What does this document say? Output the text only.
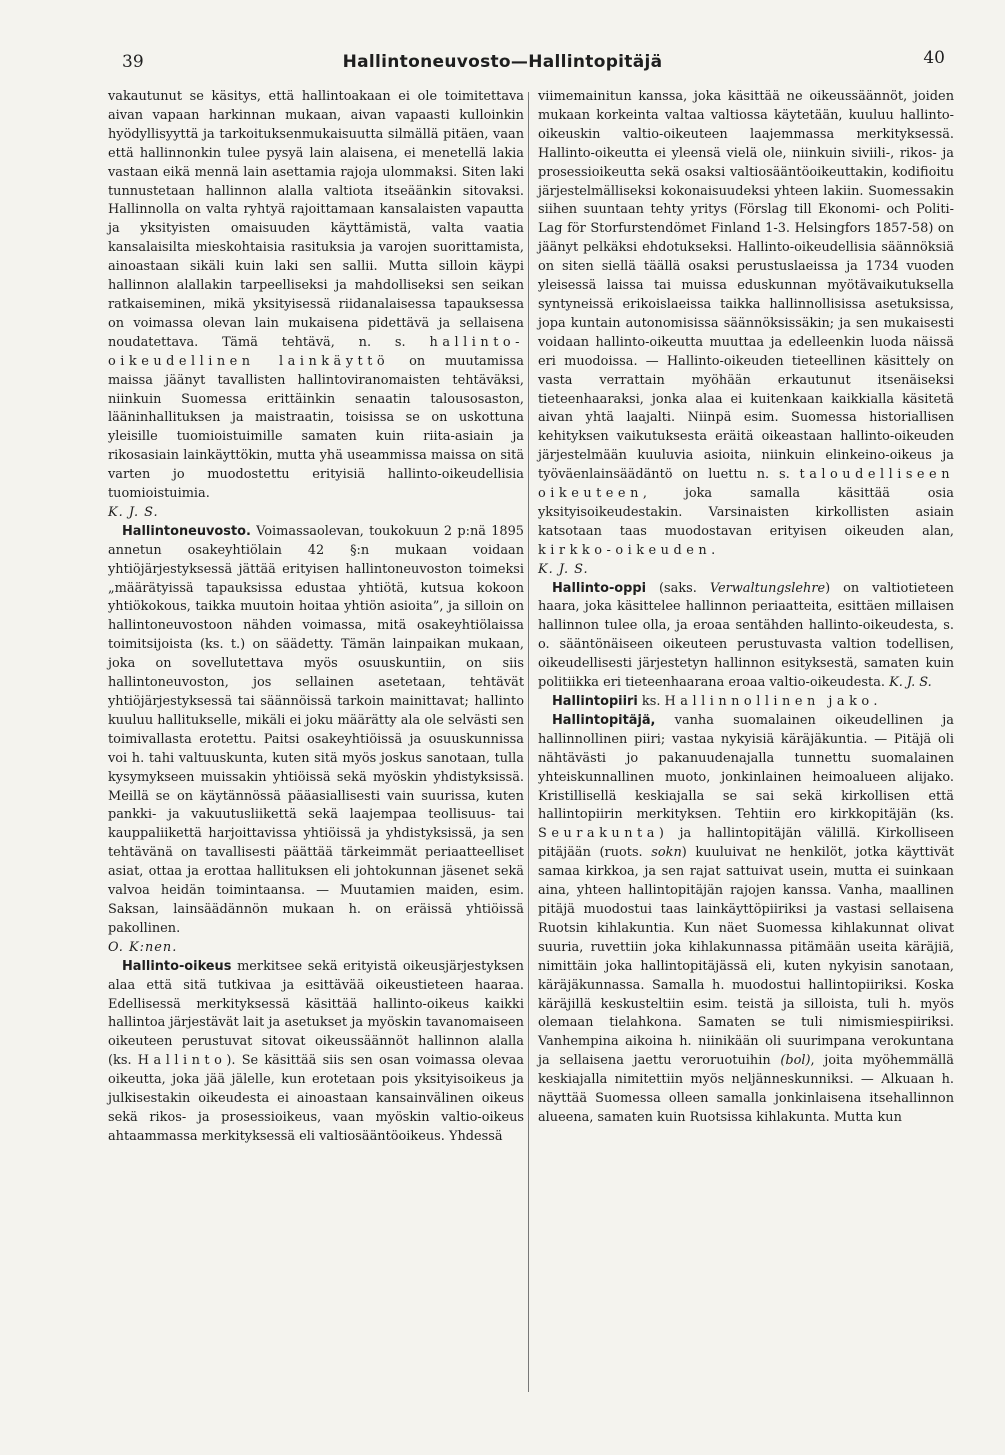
39	Hallintoneuvosto—Hallintopitäjä	40

vakautunut se käsitys, että hallintoakaan ei ole toimitettava aivan vapaan harkinnan mukaan, aivan vapaasti kulloinkin hyödyllisyyttä ja tarkoituksenmukaisuutta silmällä pitäen, vaan että hallinnonkin tulee pysyä lain alaisena, ei menetellä lakia vastaan eikä mennä lain asettamia rajoja ulommaksi. Siten laki tunnustetaan hallinnon alalla valtiota itseäänkin sitovaksi. Hallinnolla on valta ryhtyä rajoittamaan kansalaisten vapautta ja yksityisten omaisuuden käyttämistä, valta vaatia kansalaisilta mieskohtaisia rasituksia ja varojen suorittamista, ainoastaan sikäli kuin laki sen sallii. Mutta silloin käypi hallinnon alallakin tarpeelliseksi ja mahdolliseksi sen seikan ratkaiseminen, mikä yksityisessä riidanalaisessa tapauksessa on voimassa olevan lain mukaisena pidettävä ja sellaisena noudatettava. Tämä tehtävä, n. s. hallinto-oikeudellinen lainkäyttö on muutamissa maissa jäänyt tavallisten hallintoviranomaisten tehtäväksi, niinkuin Suomessa erittäinkin senaatin talousosaston, lääninhallituksen ja maistraatin, toisissa se on uskottuna yleisille tuomioistuimille samaten kuin riita-asiain ja rikosasiain lainkäyttökin, mutta yhä useammissa maissa on sitä varten jo muodostettu erityisiä hallinto-oikeudellisia tuomioistuimia.

K. J. S.

Hallintoneuvosto. Voimassaolevan, toukokuun 2 p:nä 1895 annetun osakeyhtiölain 42 §:n mukaan voidaan yhtiöjärjestyksessä jättää erityisen hallintoneuvoston toimeksi „määrätyissä tapauksissa edustaa yhtiötä, kutsua kokoon yhtiökokous, taikka muutoin hoitaa yhtiön asioita”, ja silloin on hallintoneuvostoon nähden voimassa, mitä osakeyhtiölaissa toimitsijoista (ks. t.) on säädetty. Tämän lainpaikan mukaan, joka on sovellutettava myös osuuskuntiin, on siis hallintoneuvoston, jos sellainen asetetaan, tehtävät yhtiöjärjestyksessä tai säännöissä tarkoin mainittavat; hallinto kuuluu hallitukselle, mikäli ei joku määrätty ala ole selvästi sen toimivallasta erotettu. Paitsi osakeyhtiöissä ja osuuskunnissa voi h. tahi valtuuskunta, kuten sitä myös joskus sanotaan, tulla kysymykseen muissakin yhtiöissä sekä myöskin yhdistyksissä. Meillä se on käytännössä pääasiallisesti vain suurissa, kuten pankki- ja vakuutusliikettä sekä laajempaa teollisuus- tai kauppaliikettä harjoittavissa yhtiöissä ja yhdistyksissä, ja sen tehtävänä on tavallisesti päättää tärkeimmät periaatteelliset asiat, ottaa ja erottaa hallituksen eli johtokunnan jäsenet sekä valvoa heidän toimintaansa. — Muutamien maiden, esim. Saksan, lainsäädännön mukaan h. on eräissä yhtiöissä pakollinen.

O. K:nen.

Hallinto-oikeus merkitsee sekä erityistä oikeusjärjestyksen alaa että sitä tutkivaa ja esittävää oikeustieteen haaraa. Edellisessä merkityksessä käsittää hallinto-oikeus kaikki hallintoa järjestävät lait ja asetukset ja myöskin tavanomaiseen oikeuteen perustuvat sitovat oikeussäännöt hallinnon alalla (ks. Hallinto). Se käsittää siis sen osan voimassa olevaa oikeutta, joka jää jälelle, kun erotetaan pois yksityisoikeus ja julkisestakin oikeudesta ei ainoastaan kansainvälinen oikeus sekä rikos- ja prosessioikeus, vaan myöskin valtio-oikeus ahtaammassa merkityksessä eli valtiosääntöoikeus. Yhdessä

viimemainitun kanssa, joka käsittää ne oikeussäännöt, joiden mukaan korkeinta valtaa valtiossa käytetään, kuuluu hallinto-oikeuskin valtio-oikeuteen laajemmassa merkityksessä. Hallinto-oikeutta ei yleensä vielä ole, niinkuin siviili-, rikos- ja prosessioikeutta sekä osaksi valtiosääntöoikeuttakin, kodifioitu järjestelmälliseksi kokonaisuudeksi yhteen lakiin. Suomessakin siihen suuntaan tehty yritys (Förslag till Ekonomi- och Politi-Lag för Storfurstendömet Finland 1-3. Helsingfors 1857-58) on jäänyt pelkäksi ehdotukseksi. Hallinto-oikeudellisia säännöksiä on siten siellä täällä osaksi perustuslaeissa ja 1734 vuoden yleisessä laissa tai muissa eduskunnan myötävaikutuksella syntyneissä erikoislaeissa taikka hallinnollisissa asetuksissa, jopa kuntain autonomisissa säännöksissäkin; ja sen mukaisesti voidaan hallinto-oikeutta muuttaa ja edelleenkin luoda näissä eri muodoissa. — Hallinto-oikeuden tieteellinen käsittely on vasta verrattain myöhään erkautunut itsenäiseksi tieteenhaaraksi, jonka alaa ei kuitenkaan kaikkialla käsitetä aivan yhtä laajalti. Niinpä esim. Suomessa historiallisen kehityksen vaikutuksesta eräitä oikeastaan hallinto-oikeuden järjestelmään kuuluvia asioita, niinkuin elinkeino-oikeus ja työväenlainsäädäntö on luettu n. s. taloudelliseen oikeuteen, joka samalla käsittää osia yksityisoikeudestakin. Varsinaisten kirkollisten asiain katsotaan taas muodostavan erityisen oikeuden alan, kirkko-oikeuden.

K. J. S.

Hallinto-oppi (saks. Verwaltungslehre) on valtiotieteen haara, joka käsittelee hallinnon periaatteita, esittäen millaisen hallinnon tulee olla, ja eroaa sentähden hallinto-oikeudesta, s. o. sääntönäiseen oikeuteen perustuvasta valtion todellisen, oikeudellisesti järjestetyn hallinnon esityksestä, samaten kuin politiikka eri tieteenhaarana eroaa valtio-oikeudesta. K. J. S.

Hallintopiiri ks. Hallinnollinen jako.

Hallintopitäjä, vanha suomalainen oikeudellinen ja hallinnollinen piiri; vastaa nykyisiä käräjäkuntia. — Pitäjä oli nähtävästi jo pakanuudenajalla tunnettu suomalainen yhteiskunnallinen muoto, jonkinlainen heimoalueen alijako. Kristillisellä keskiajalla se sai sekä kirkollisen että hallintopiirin merkityksen. Tehtiin ero kirkkopitäjän (ks. Seurakunta) ja hallintopitäjän välillä. Kirkolliseen pitäjään (ruots. sokn) kuuluivat ne henkilöt, jotka käyttivät samaa kirkkoa, ja sen rajat sattuivat usein, mutta ei suinkaan aina, yhteen hallintopitäjän rajojen kanssa. Vanha, maallinen pitäjä muodostui taas lainkäyttöpiiriksi ja vastasi sellaisena Ruotsin kihlakuntia. Kun näet Suomessa kihlakunnat olivat suuria, ruvettiin joka kihlakunnassa pitämään useita käräjiä, nimittäin joka hallintopitäjässä eli, kuten nykyisin sanotaan, käräjäkunnassa. Samalla h. muodostui hallintopiiriksi. Koska käräjillä keskusteltiin esim. teistä ja silloista, tuli h. myös olemaan tielahkona. Samaten se tuli nimismiespiiriksi. Vanhempina aikoina h. niinikään oli suurimpana verokuntana ja sellaisena jaettu veroruotuihin (bol), joita myöhemmällä keskiajalla nimitettiin myös neljänneskunniksi. — Alkuaan h. näyttää Suomessa olleen samalla jonkinlaisena itsehallinnon alueena, samaten kuin Ruotsissa kihlakunta. Mutta kun
